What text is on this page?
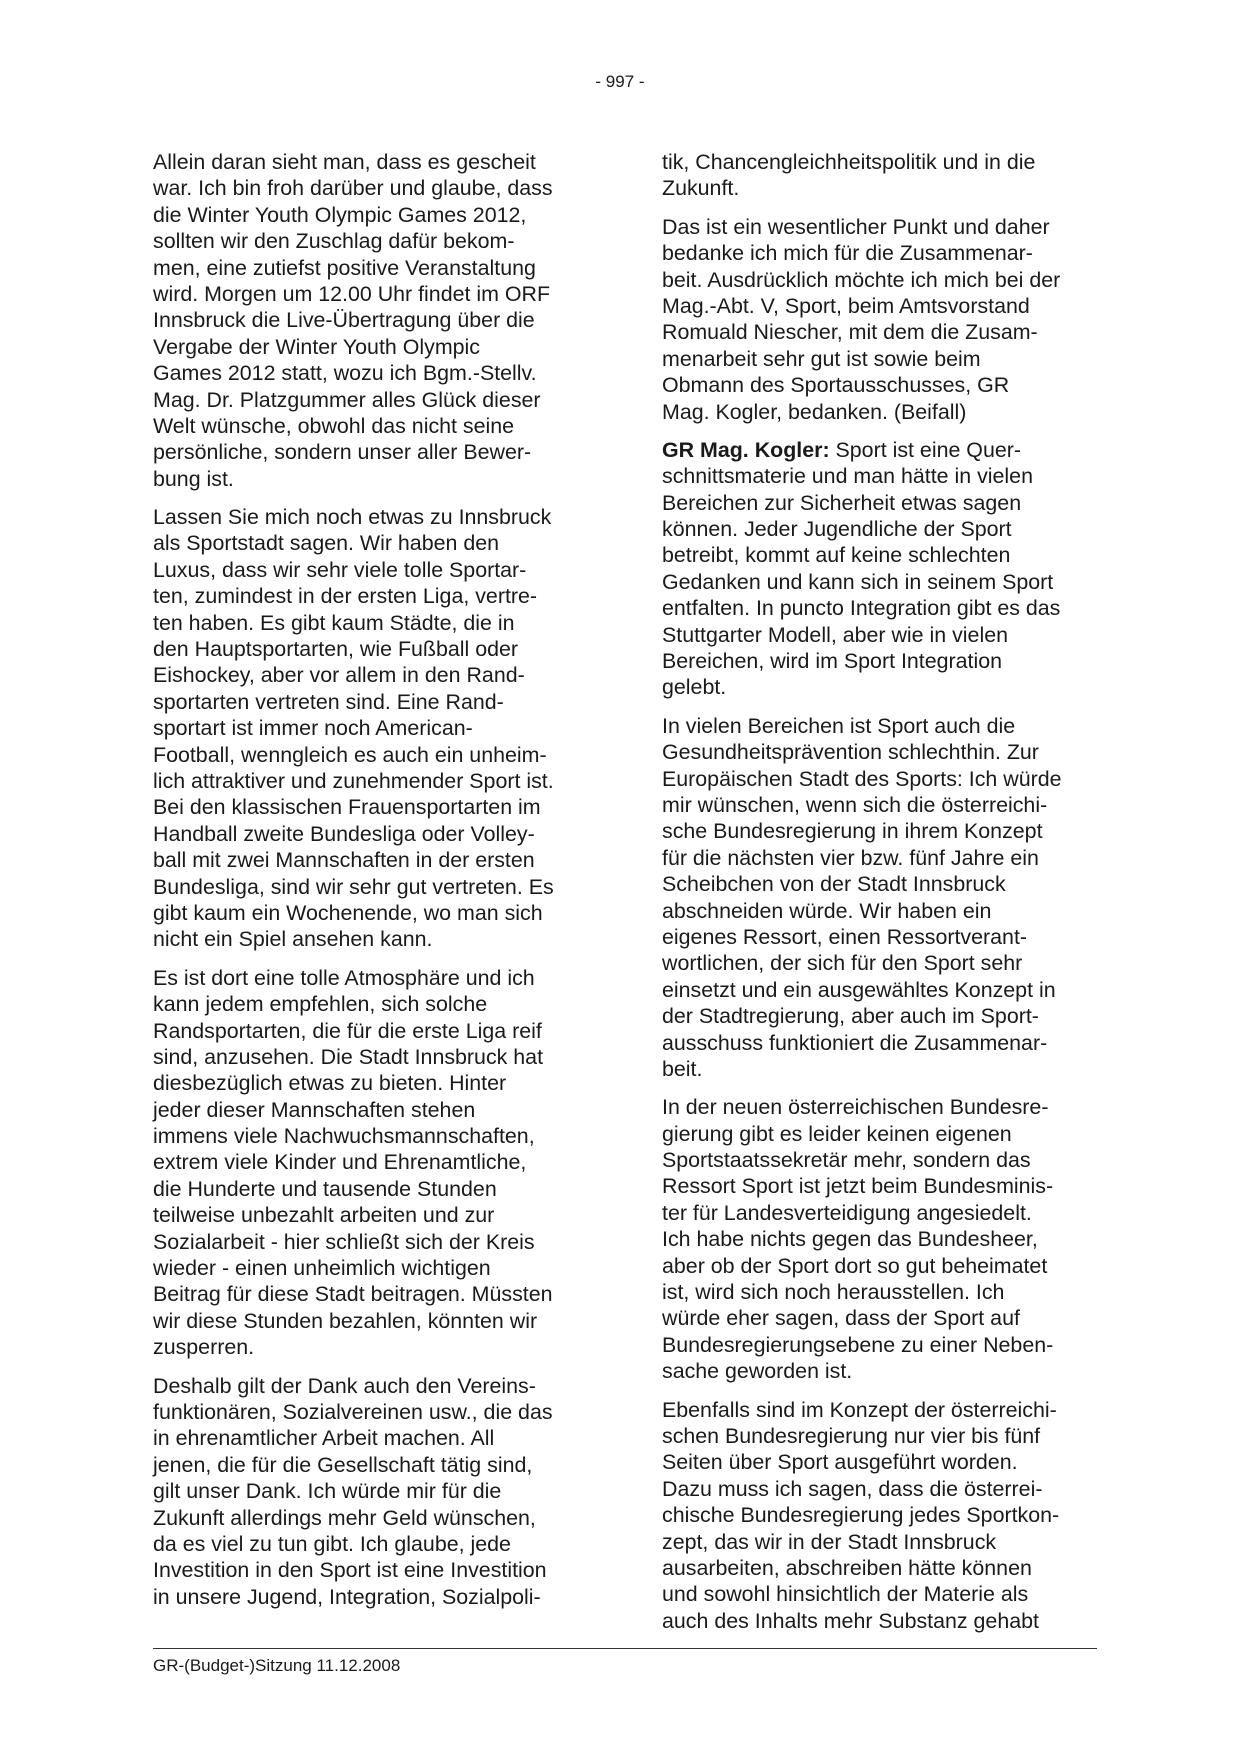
- 997 -
Allein daran sieht man, dass es gescheit
war. Ich bin froh darüber und glaube, dass
die Winter Youth Olympic Games 2012,
sollten wir den Zuschlag dafür bekom-
men, eine zutiefst positive Veranstaltung
wird. Morgen um 12.00 Uhr findet im ORF
Innsbruck die Live-Übertragung über die
Vergabe der Winter Youth Olympic
Games 2012 statt, wozu ich Bgm.-Stellv.
Mag. Dr. Platzgummer alles Glück dieser
Welt wünsche, obwohl das nicht seine
persönliche, sondern unser aller Bewer-
bung ist.
Lassen Sie mich noch etwas zu Innsbruck
als Sportstadt sagen. Wir haben den
Luxus, dass wir sehr viele tolle Sportar-
ten, zumindest in der ersten Liga, vertre-
ten haben. Es gibt kaum Städte, die in
den Hauptsportarten, wie Fußball oder
Eishockey, aber vor allem in den Rand-
sportarten vertreten sind. Eine Rand-
sportart ist immer noch American-
Football, wenngleich es auch ein unheim-
lich attraktiver und zunehmender Sport ist.
Bei den klassischen Frauensportarten im
Handball zweite Bundesliga oder Volley-
ball mit zwei Mannschaften in der ersten
Bundesliga, sind wir sehr gut vertreten. Es
gibt kaum ein Wochenende, wo man sich
nicht ein Spiel ansehen kann.
Es ist dort eine tolle Atmosphäre und ich
kann jedem empfehlen, sich solche
Randsportarten, die für die erste Liga reif
sind, anzusehen. Die Stadt Innsbruck hat
diesbezüglich etwas zu bieten. Hinter
jeder dieser Mannschaften stehen
immens viele Nachwuchsmannschaften,
extrem viele Kinder und Ehrenamtliche,
die Hunderte und tausende Stunden
teilweise unbezahlt arbeiten und zur
Sozialarbeit - hier schließt sich der Kreis
wieder - einen unheimlich wichtigen
Beitrag für diese Stadt beitragen. Müssten
wir diese Stunden bezahlen, könnten wir
zusperren.
Deshalb gilt der Dank auch den Vereins-
funktionären, Sozialvereinen usw., die das
in ehrenamtlicher Arbeit machen. All
jenen, die für die Gesellschaft tätig sind,
gilt unser Dank. Ich würde mir für die
Zukunft allerdings mehr Geld wünschen,
da es viel zu tun gibt. Ich glaube, jede
Investition in den Sport ist eine Investition
in unsere Jugend, Integration, Sozialpoli-
tik, Chancengleichheitspolitik und in die
Zukunft.
Das ist ein wesentlicher Punkt und daher
bedanke ich mich für die Zusammenar-
beit. Ausdrücklich möchte ich mich bei der
Mag.-Abt. V, Sport, beim Amtsvorstand
Romuald Niescher, mit dem die Zusam-
menarbeit sehr gut ist sowie beim
Obmann des Sportausschusses, GR
Mag. Kogler, bedanken. (Beifall)
GR Mag. Kogler: Sport ist eine Quer-
schnittsmaterie und man hätte in vielen
Bereichen zur Sicherheit etwas sagen
können. Jeder Jugendliche der Sport
betreibt, kommt auf keine schlechten
Gedanken und kann sich in seinem Sport
entfalten. In puncto Integration gibt es das
Stuttgarter Modell, aber wie in vielen
Bereichen, wird im Sport Integration
gelebt.
In vielen Bereichen ist Sport auch die
Gesundheitsprävention schlechthin. Zur
Europäischen Stadt des Sports: Ich würde
mir wünschen, wenn sich die österreichi-
sche Bundesregierung in ihrem Konzept
für die nächsten vier bzw. fünf Jahre ein
Scheibchen von der Stadt Innsbruck
abschneiden würde. Wir haben ein
eigenes Ressort, einen Ressortverant-
wortlichen, der sich für den Sport sehr
einsetzt und ein ausgewähltes Konzept in
der Stadtregierung, aber auch im Sport-
ausschuss funktioniert die Zusammenar-
beit.
In der neuen österreichischen Bundesre-
gierung gibt es leider keinen eigenen
Sportstaatssekretär mehr, sondern das
Ressort Sport ist jetzt beim Bundesminis-
ter für Landesverteidigung angesiedelt.
Ich habe nichts gegen das Bundesheer,
aber ob der Sport dort so gut beheimatet
ist, wird sich noch herausstellen. Ich
würde eher sagen, dass der Sport auf
Bundesregierungsebene zu einer Neben-
sache geworden ist.
Ebenfalls sind im Konzept der österreichi-
schen Bundesregierung nur vier bis fünf
Seiten über Sport ausgeführt worden.
Dazu muss ich sagen, dass die österrei-
chische Bundesregierung jedes Sportkon-
zept, das wir in der Stadt Innsbruck
ausarbeiten, abschreiben hätte können
und sowohl hinsichtlich der Materie als
auch des Inhalts mehr Substanz gehabt
GR-(Budget-)Sitzung 11.12.2008
